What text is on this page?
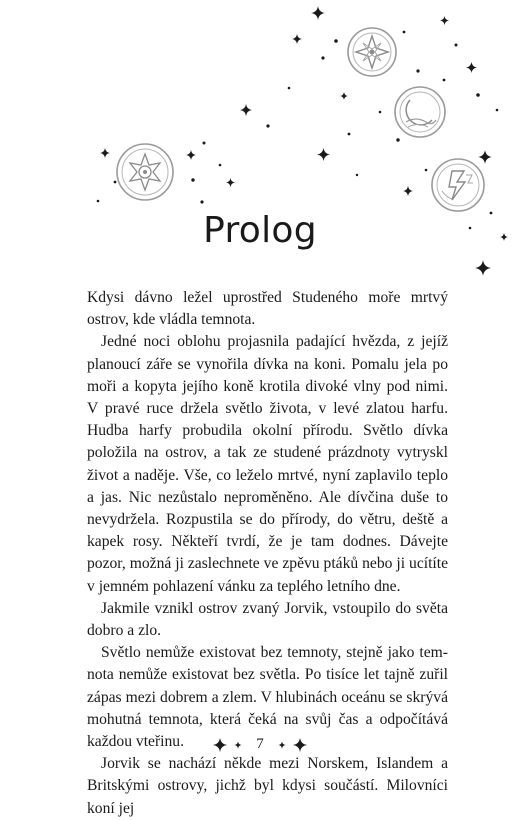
Prolog

Kdysi dávno ležel uprostřed Studeného moře mrtvý ostrov, kde vládla temnota.

Jedné noci oblohu projasnila padající hvězda, z jejíž planoucí záře se vynořila dívka na koni. Pomalu jela po moři a kopyta jejího koně krotila divoké vlny pod nimi. V pravé ruce držela světlo života, v levé zlatou harfu. Hudba harfy probudila okolní přírodu. Světlo dívka položila na ostrov, a tak ze studené prázdnoty vytryskl život a naděje. Vše, co leželo mrtvé, nyní zaplavilo teplo a jas. Nic nezůstalo neproměněno. Ale dívčina duše to nevydržela. Rozpustila se do přírody, do větru, deště a kapek rosy. Někteří tvrdí, že je tam dodnes. Dávejte pozor, možná ji zaslechnete ve zpěvu ptáků nebo ji ucítíte v jemném pohlazení vánku za teplého letního dne.

Jakmile vznikl ostrov zvaný Jorvik, vstoupilo do světa dobro a zlo.

Světlo nemůže existovat bez temnoty, stejně jako temnota nemůže existovat bez světla. Po tisíce let tajně zuřil zápas mezi dobrem a zlem. V hlubinách oceánu se skrývá mohutná temnota, která čeká na svůj čas a odpočítává každou vteřinu.

Jorvik se nachází někde mezi Norskem, Islandem a Britskými ostrovy, jichž byl kdysi součástí. Milovníci koní jej

7
